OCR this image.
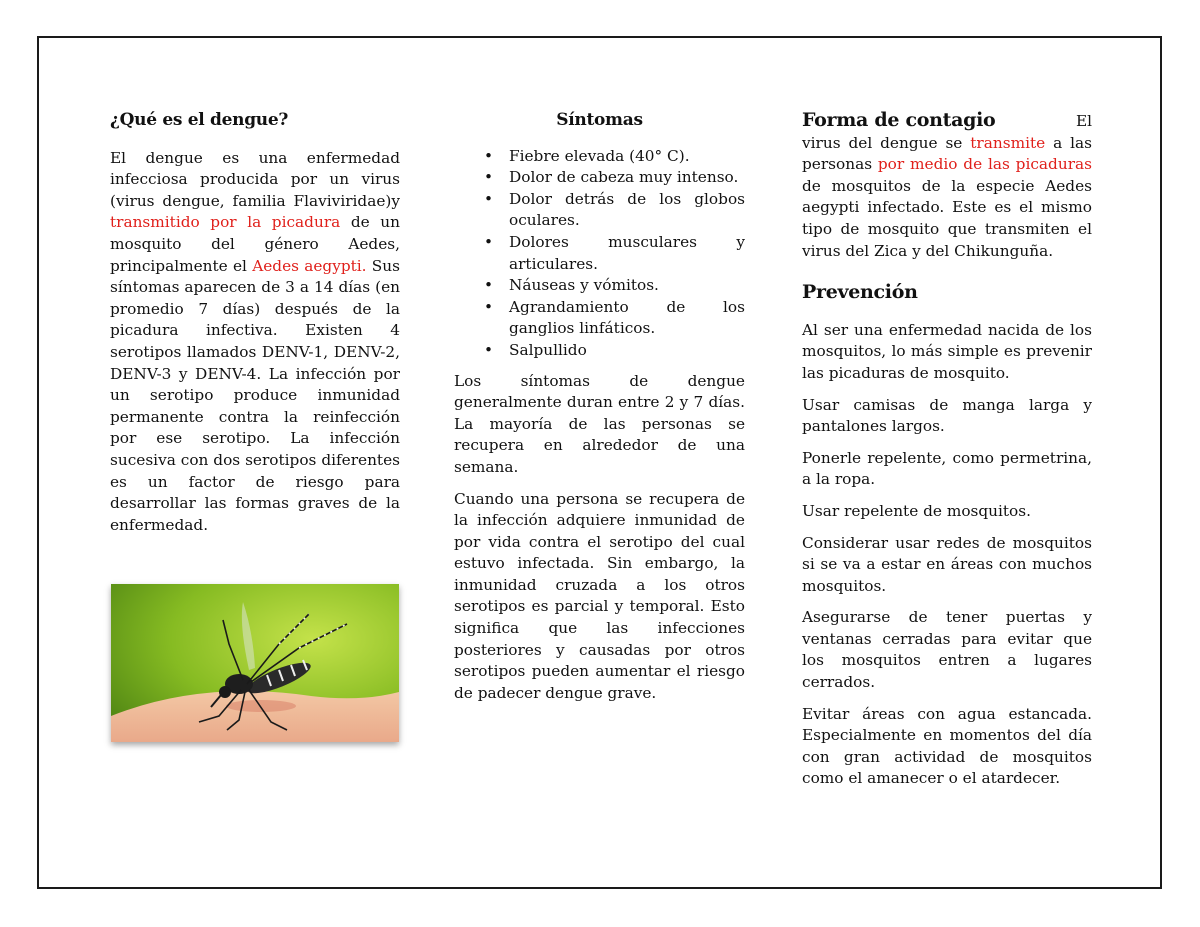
¿Qué es el dengue?

El dengue es una enfermedad infecciosa producida por un virus (virus dengue, familia Flaviviridae)y transmitido por la picadura de un mosquito del género Aedes, principalmente el Aedes aegypti. Sus síntomas aparecen de 3 a 14 días (en promedio 7 días) después de la picadura infectiva. Existen 4 serotipos llamados DENV-1, DENV-2, DENV-3 y DENV-4. La infección por un serotipo produce inmunidad permanente contra la reinfección por ese serotipo. La infección sucesiva con dos serotipos diferentes es un factor de riesgo para desarrollar las formas graves de la enfermedad.

Síntomas
• Fiebre elevada (40° C).
• Dolor de cabeza muy intenso.
• Dolor detrás de los globos oculares.
• Dolores musculares y articulares.
• Náuseas y vómitos.
• Agrandamiento de los ganglios linfáticos.
• Salpullido

Los síntomas de dengue generalmente duran entre 2 y 7 días. La mayoría de las personas se recupera en alrededor de una semana.

Cuando una persona se recupera de la infección adquiere inmunidad de por vida contra el serotipo del cual estuvo infectada. Sin embargo, la inmunidad cruzada a los otros serotipos es parcial y temporal. Esto significa que las infecciones posteriores y causadas por otros serotipos pueden aumentar el riesgo de padecer dengue grave.

Forma de contagio	El

virus del dengue se transmite a las personas por medio de las picaduras de mosquitos de la especie Aedes aegypti infectado. Este es el mismo tipo de mosquito que transmiten el virus del Zica y del Chikunguña.

Prevención

Al ser una enfermedad nacida de los mosquitos, lo más simple es prevenir las picaduras de mosquito.

Usar camisas de manga larga y pantalones largos.

Ponerle repelente, como permetrina, a la ropa.

Usar repelente de mosquitos.

Considerar usar redes de mosquitos si se va a estar en áreas con muchos mosquitos.

Asegurarse de tener puertas y ventanas cerradas para evitar que los mosquitos entren a lugares cerrados.

Evitar áreas con agua estancada. Especialmente en momentos del día con gran actividad de mosquitos como el amanecer o el atardecer.
